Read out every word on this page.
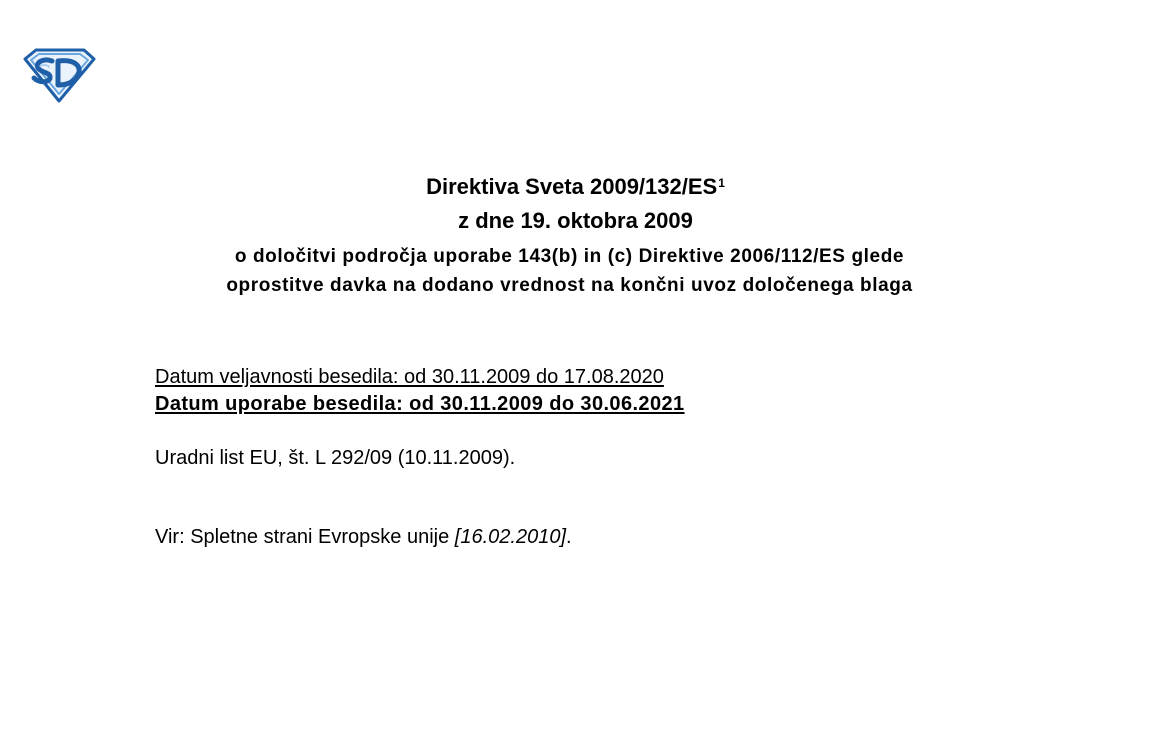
Direktiva Sveta $2009/132/ES^1$
z dne 19. oktobra 2009
o določitvi področja uporabe 143(b) in (c) Direktive 2006/112/ES glede
oprostitve davka na dodano vrednost na končni uvoz določenega blaga
Datum veljavnosti besedila: od 30.11.2009 do 17.08.2020
Datum uporabe besedila: od 30.11.2009 do 30.06.2021
Uradni list EU, št. L 292/09 (10.11.2009).
Vir: Spletne strani Evropske unije [16.02.2010].
